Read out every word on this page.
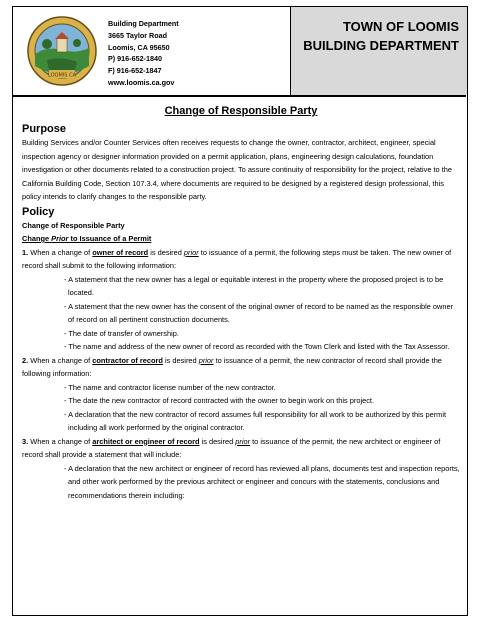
LOOMIS CA
Building Department
3665 Taylor Road
Loomis, CA 95650
P) 916-652-1840
F) 916-652-1847
www.loomis.ca.gov
TOWN OF LOOMIS
BUILDING DEPARTMENT
Change of Responsible Party
Purpose

Building Services and/or Counter Services often receives requests to change the owner, contractor, architect, engineer, special inspection agency or designer information provided on a permit application, plans, engineering design calculations, foundation investigation or other documents related to a construction project. To assure continuity of responsibility for the project, relative to the California Building Code, Section 107.3.4, where documents are required to be designed by a registered design professional, this policy intends to clarify changes to the responsible party.

Policy
Change of Responsible Party
Change Prior to Issuance of a Permit

1. When a change of owner of record is desired prior to issuance of a permit, the following steps must be taken. The new owner of record shall submit to the following information:

- A statement that the new owner has a legal or equitable interest in the property where the proposed project is to be located.
- A statement that the new owner has the consent of the original owner of record to be named as the responsible owner of record on all pertinent construction documents.
- The date of transfer of ownership.
- The name and address of the new owner of record as recorded with the Town Clerk and listed with the Tax Assessor.

2. When a change of contractor of record is desired prior to issuance of a permit, the new contractor of record shall provide the following information:

- The name and contractor license number of the new contractor.
- The date the new contractor of record contracted with the owner to begin work on this project.
- A declaration that the new contractor of record assumes full responsibility for all work to be authorized by this permit including all work performed by the original contractor.

3. When a change of architect or engineer of record is desired prior to issuance of the permit, the new architect or engineer of record shall provide a statement that will include:

- A declaration that the new architect or engineer of record has reviewed all plans, documents test and inspection reports, and other work performed by the previous architect or engineer and concurs with the statements, conclusions and recommendations therein including:
